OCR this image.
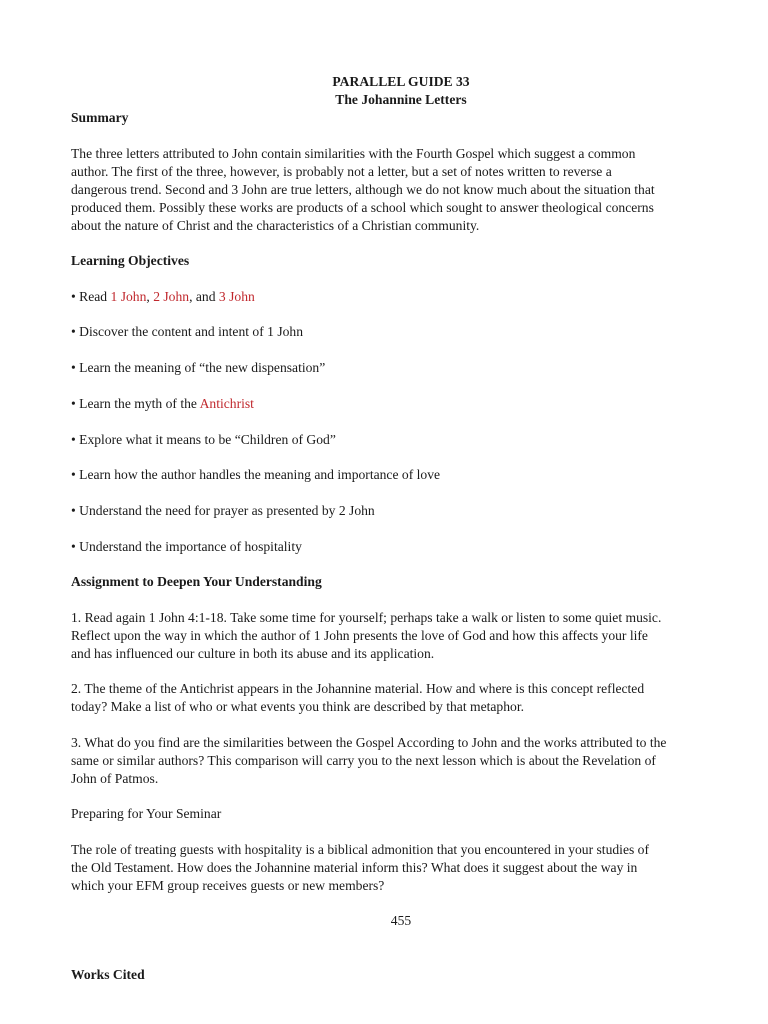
PARALLEL GUIDE 33
The Johannine Letters
Summary
The three letters attributed to John contain similarities with the Fourth Gospel which suggest a common
author. The first of the three, however, is probably not a letter, but a set of notes written to reverse a
dangerous trend. Second and 3 John are true letters, although we do not know much about the situation that
produced them. Possibly these works are products of a school which sought to answer theological concerns
about the nature of Christ and the characteristics of a Christian community.
Learning Objectives
• Read 1 John, 2 John, and 3 John
• Discover the content and intent of 1 John
• Learn the meaning of “the new dispensation”
• Learn the myth of the Antichrist
• Explore what it means to be “Children of God”
• Learn how the author handles the meaning and importance of love
• Understand the need for prayer as presented by 2 John
• Understand the importance of hospitality
Assignment to Deepen Your Understanding
1. Read again 1 John 4:1-18. Take some time for yourself; perhaps take a walk or listen to some quiet music.
Reflect upon the way in which the author of 1 John presents the love of God and how this affects your life
and has influenced our culture in both its abuse and its application.
2. The theme of the Antichrist appears in the Johannine material. How and where is this concept reflected
today? Make a list of who or what events you think are described by that metaphor.
3. What do you find are the similarities between the Gospel According to John and the works attributed to the
same or similar authors? This comparison will carry you to the next lesson which is about the Revelation of
John of Patmos.
Preparing for Your Seminar
The role of treating guests with hospitality is a biblical admonition that you encountered in your studies of
the Old Testament. How does the Johannine material inform this? What does it suggest about the way in
which your EFM group receives guests or new members?
455
Works Cited
